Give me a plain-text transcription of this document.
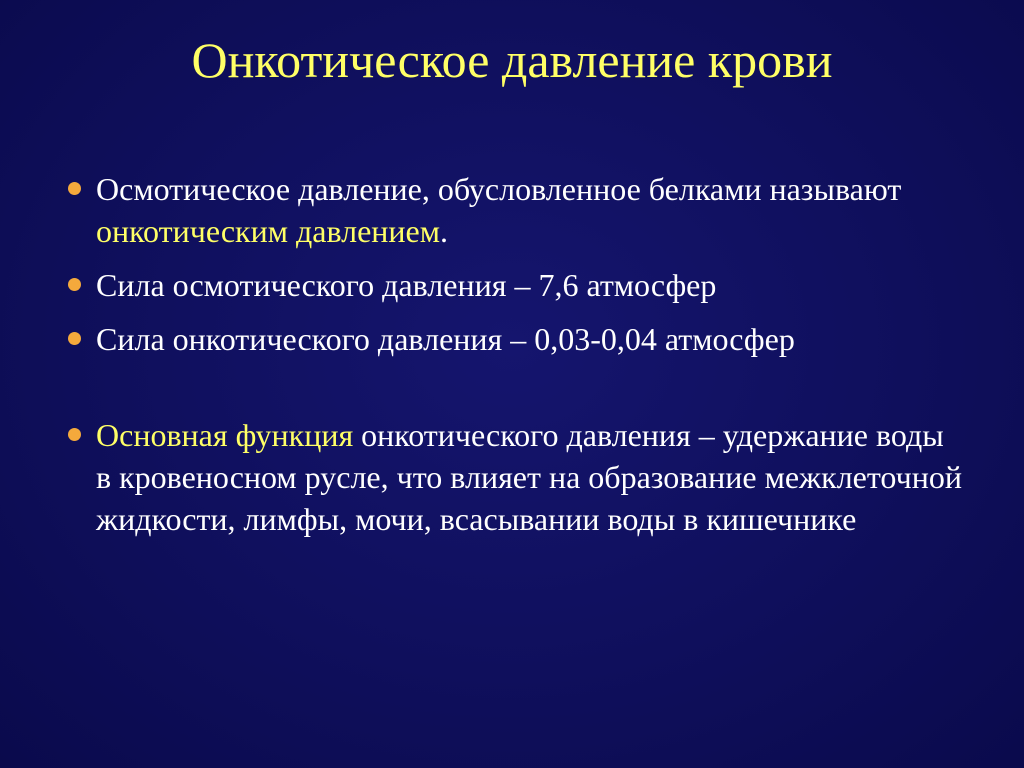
Онкотическое давление крови
Осмотическое давление, обусловленное белками называют онкотическим давлением.
Сила осмотического давления – 7,6 атмосфер
Сила онкотического давления – 0,03-0,04 атмосфер
Основная функция онкотического давления – удержание воды в кровеносном русле, что влияет на образование межклеточной жидкости, лимфы, мочи, всасывании воды в кишечнике
